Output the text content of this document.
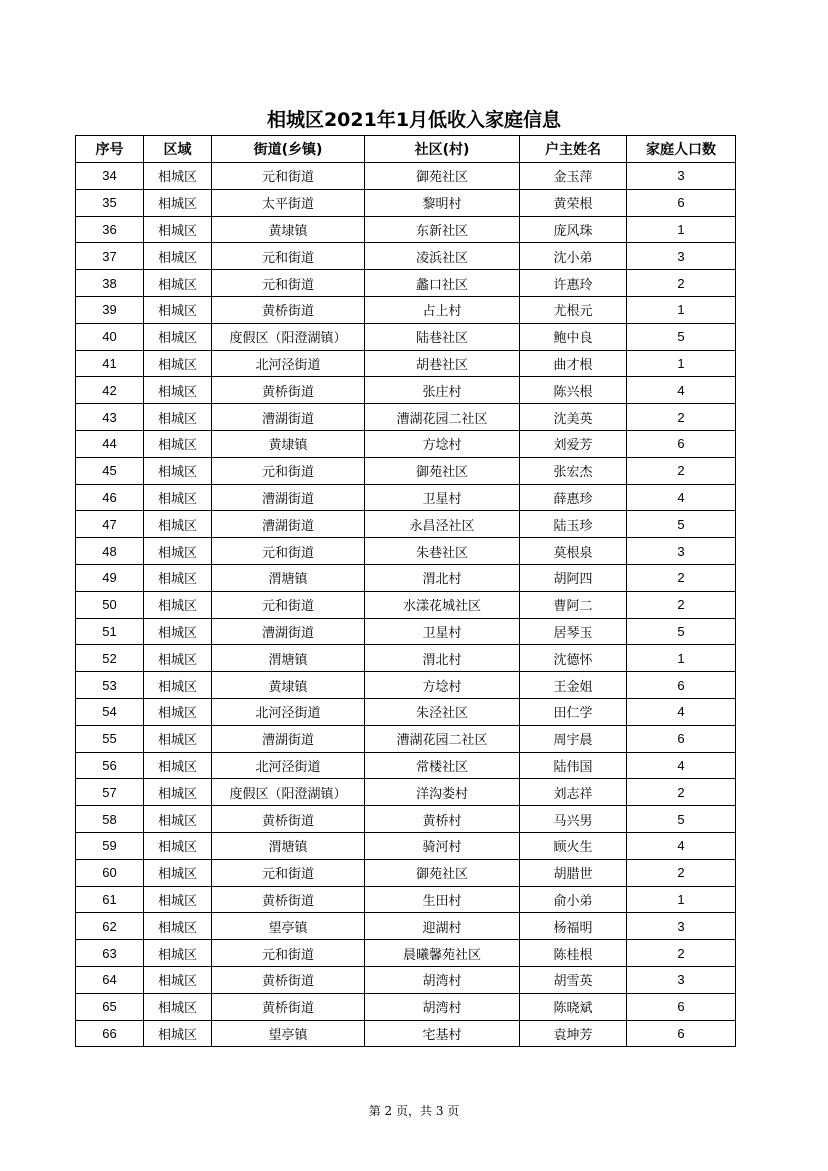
相城区2021年1月低收入家庭信息
序号	区域	街道(乡镇)	社区(村)	户主姓名	家庭人口数
34	相城区	元和街道	御苑社区	金玉萍	3
35	相城区	太平街道	黎明村	黄荣根	6
36	相城区	黄埭镇	东新社区	庞风珠	1
37	相城区	元和街道	凌浜社区	沈小弟	3
38	相城区	元和街道	蠡口社区	许惠玲	2
39	相城区	黄桥街道	占上村	尤根元	1
40	相城区	度假区（阳澄湖镇）	陆巷社区	鲍中良	5
41	相城区	北河泾街道	胡巷社区	曲才根	1
42	相城区	黄桥街道	张庄村	陈兴根	4
43	相城区	漕湖街道	漕湖花园二社区	沈美英	2
44	相城区	黄埭镇	方埝村	刘爱芳	6
45	相城区	元和街道	御苑社区	张宏杰	2
46	相城区	漕湖街道	卫星村	薛惠珍	4
47	相城区	漕湖街道	永昌泾社区	陆玉珍	5
48	相城区	元和街道	朱巷社区	莫根泉	3
49	相城区	渭塘镇	渭北村	胡阿四	2
50	相城区	元和街道	水漾花城社区	曹阿二	2
51	相城区	漕湖街道	卫星村	居琴玉	5
52	相城区	渭塘镇	渭北村	沈德怀	1
53	相城区	黄埭镇	方埝村	王金姐	6
54	相城区	北河泾街道	朱泾社区	田仁学	4
55	相城区	漕湖街道	漕湖花园二社区	周宇晨	6
56	相城区	北河泾街道	常楼社区	陆伟国	4
57	相城区	度假区（阳澄湖镇）	洋沟娄村	刘志祥	2
58	相城区	黄桥街道	黄桥村	马兴男	5
59	相城区	渭塘镇	骑河村	顾火生	4
60	相城区	元和街道	御苑社区	胡腊世	2
61	相城区	黄桥街道	生田村	俞小弟	1
62	相城区	望亭镇	迎湖村	杨福明	3
63	相城区	元和街道	晨曦馨苑社区	陈桂根	2
64	相城区	黄桥街道	胡湾村	胡雪英	3
65	相城区	黄桥街道	胡湾村	陈晓斌	6
66	相城区	望亭镇	宅基村	袁坤芳	6
第 2 页，共 3 页
